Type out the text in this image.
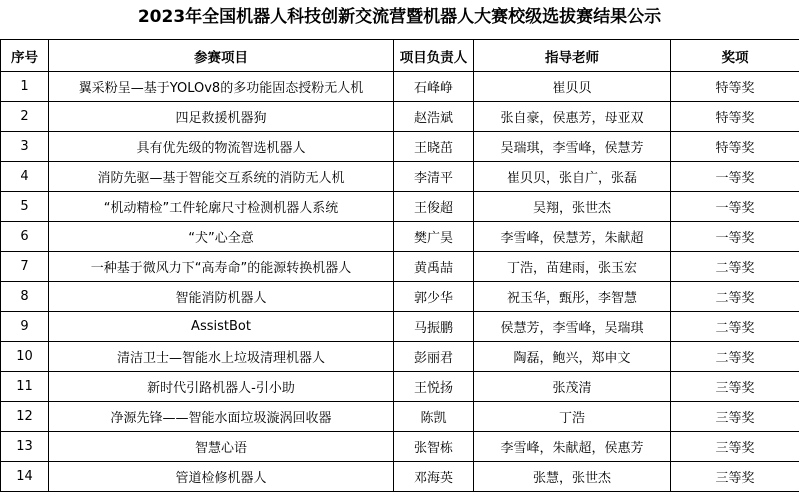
2023年全国机器人科技创新交流营暨机器人大赛校级选拔赛结果公示
序号	参赛项目	项目负责人	指导老师	奖项
1	翼采粉呈—基于YOLOv8的多功能固态授粉无人机	石峰峥	崔贝贝	特等奖
2	四足救援机器狗	赵浩斌	张自豪，侯惠芳，母亚双	特等奖
3	具有优先级的物流智选机器人	王晓茁	吴瑞琪，李雪峰，侯慧芳	特等奖
4	消防先驱—基于智能交互系统的消防无人机	李清平	崔贝贝，张自广，张磊	一等奖
5	“机动精检”工件轮廓尺寸检测机器人系统	王俊超	吴翔，张世杰	一等奖
6	“犬”心全意	樊广昊	李雪峰，侯慧芳，朱献超	一等奖
7	一种基于微风力下“高寿命”的能源转换机器人	黄禹喆	丁浩，苗建雨，张玉宏	二等奖
8	智能消防机器人	郭少华	祝玉华，甄彤，李智慧	二等奖
9	AssistBot	马振鹏	侯慧芳，李雪峰，吴瑞琪	二等奖
10	清洁卫士—智能水上垃圾清理机器人	彭丽君	陶磊，鲍兴，郑申文	二等奖
11	新时代引路机器人-引小助	王悦扬	张茂清	三等奖
12	净源先锋——智能水面垃圾漩涡回收器	陈凯	丁浩	三等奖
13	智慧心语	张智栋	李雪峰，朱献超，侯惠芳	三等奖
14	管道检修机器人	邓海英	张慧，张世杰	三等奖
